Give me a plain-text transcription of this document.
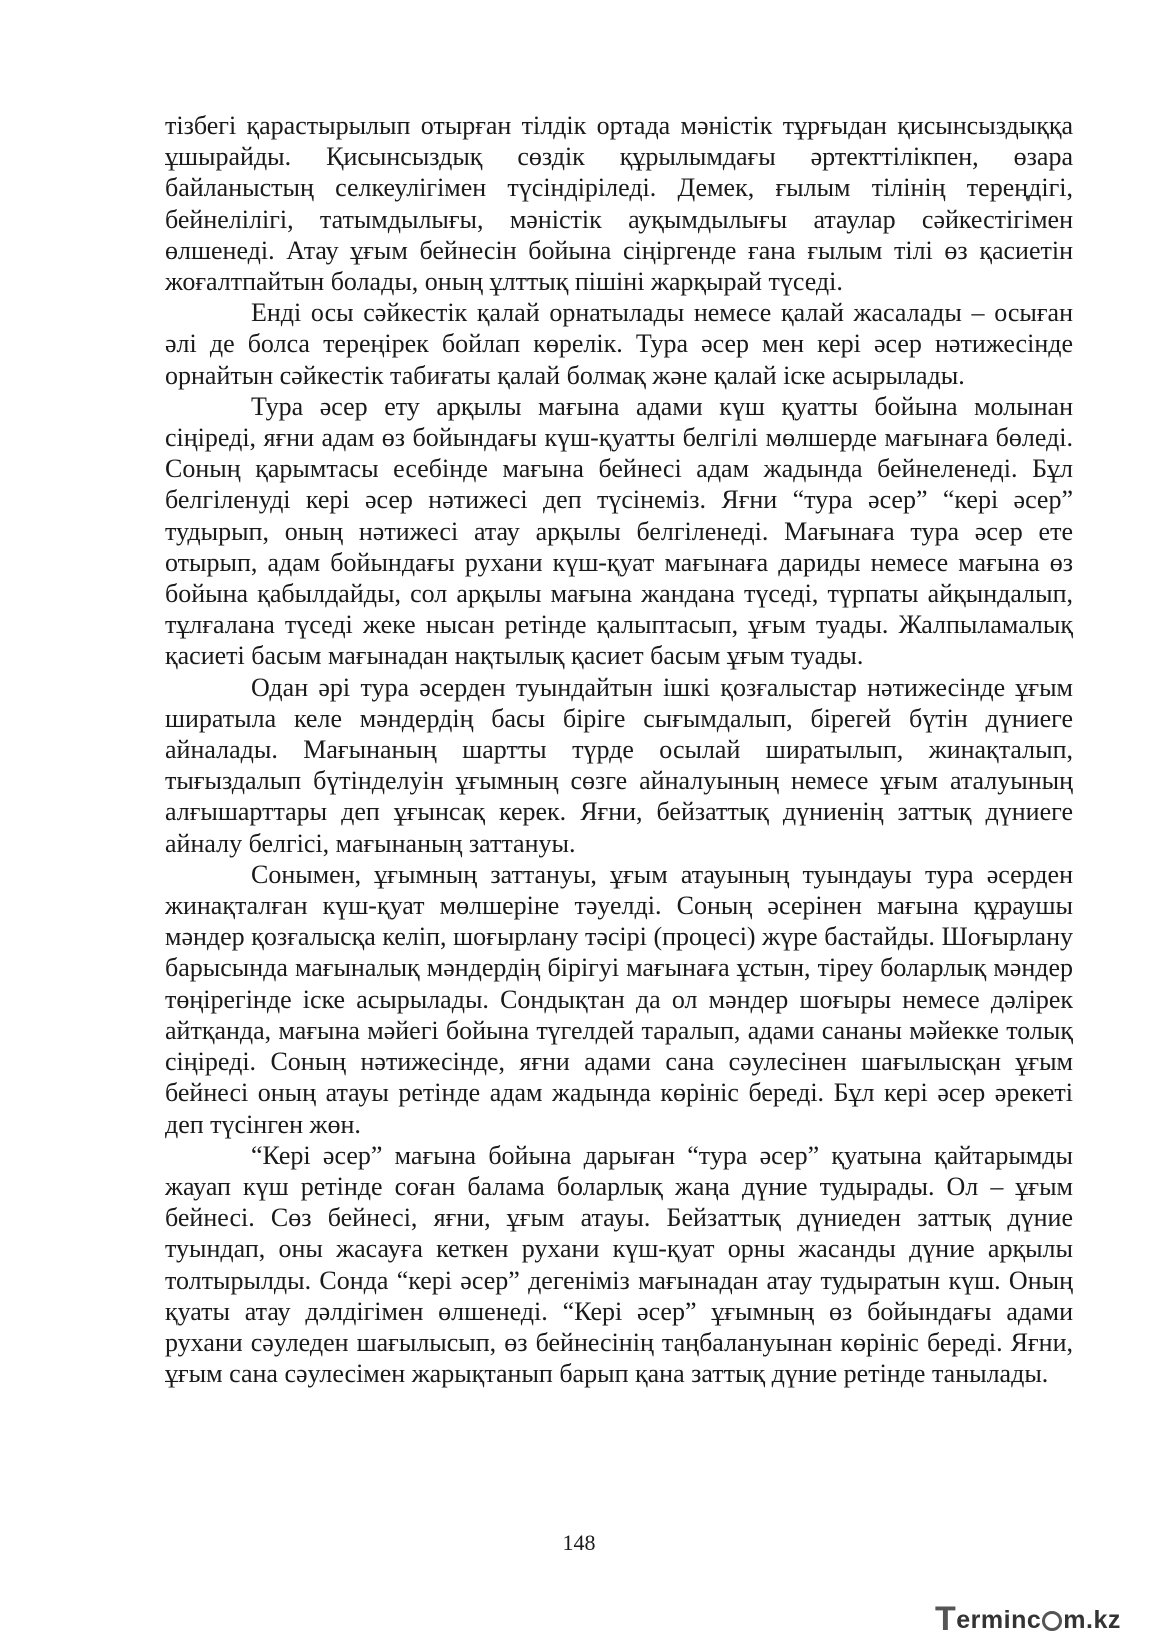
тізбегі қарастырылып отырған тілдік ортада мәністік тұрғыдан қисынсыздыққа ұшырайды. Қисынсыздық сөздік құрылымдағы әртекттілікпен, өзара байланыстың селкеулігімен түсіндіріледі. Демек, ғылым тілінің тереңдігі, бейнелілігі, татымдылығы, мәністік ауқымдылығы атаулар сәйкестігімен өлшенеді. Атау ұғым бейнесін бойына сіңіргенде ғана ғылым тілі өз қасиетін жоғалтпайтын болады, оның ұлттық пішіні жарқырай түседі.

Енді осы сәйкестік қалай орнатылады немесе қалай жасалады – осыған әлі де болса тереңірек бойлап көрелік. Тура әсер мен кері әсер нәтижесінде орнайтын сәйкестік табиғаты қалай болмақ және қалай іске асырылады.

Тура әсер ету арқылы мағына адами күш қуатты бойына молынан сіңіреді, яғни адам өз бойындағы күш-қуатты белгілі мөлшерде мағынаға бөледі. Соның қарымтасы есебінде мағына бейнесі адам жадында бейнеленеді. Бұл белгіленуді кері әсер нәтижесі деп түсінеміз. Яғни “тура әсер” “кері әсер” тудырып, оның нәтижесі атау арқылы белгіленеді. Мағынаға тура әсер ете отырып, адам бойындағы рухани күш-қуат мағынаға дариды немесе мағына өз бойына қабылдайды, сол арқылы мағына жандана түседі, түрпаты айқындалып, тұлғалана түседі жеке нысан ретінде қалыптасып, ұғым туады. Жалпыламалық қасиеті басым мағынадан нақтылық қасиет басым ұғым туады.

Одан әрі тура әсерден туындайтын ішкі қозғалыстар нәтижесінде ұғым ширатыла келе мәндердің басы біріге сығымдалып, бірегей бүтін дүниеге айналады. Мағынаның шартты түрде осылай ширатылып, жинақталып, тығыздалып бүтінделуін ұғымның сөзге айналуының немесе ұғым аталуының алғышарттары деп ұғынсақ керек. Яғни, бейзаттық дүниенің заттық дүниеге айналу белгісі, мағынаның заттануы.

Сонымен, ұғымның заттануы, ұғым атауының туындауы тура әсерден жинақталған күш-қуат мөлшеріне тәуелді. Соның әсерінен мағына құраушы мәндер қозғалысқа келіп, шоғырлану тәсірі (процесі) жүре бастайды. Шоғырлану барысында мағыналық мәндердің бірігуі мағынаға ұстын, тіреу боларлық мәндер төңірегінде іске асырылады. Сондықтан да ол мәндер шоғыры немесе дәлірек айтқанда, мағына мәйегі бойына түгелдей таралып, адами сананы мәйекке толық сіңіреді. Соның нәтижесінде, яғни адами сана сәулесінен шағылысқан ұғым бейнесі оның атауы ретінде адам жадында көрініс береді. Бұл кері әсер әрекеті деп түсінген жөн.

“Кері әсер” мағына бойына дарыған “тура әсер” қуатына қайтарымды жауап күш ретінде соған балама боларлық жаңа дүние тудырады. Ол – ұғым бейнесі. Сөз бейнесі, яғни, ұғым атауы. Бейзаттық дүниеден заттық дүние туындап, оны жасауға кеткен рухани күш-қуат орны жасанды дүние арқылы толтырылды. Сонда “кері әсер” дегеніміз мағынадан атау тудыратын күш. Оның қуаты атау дәлдігімен өлшенеді. “Кері әсер” ұғымның өз бойындағы адами рухани сәуледен шағылысып, өз бейнесінің таңбалануынан көрініс береді. Яғни, ұғым сана сәулесімен жарықтанып барып қана заттық дүние ретінде танылады.

148
Terminc m.kz
